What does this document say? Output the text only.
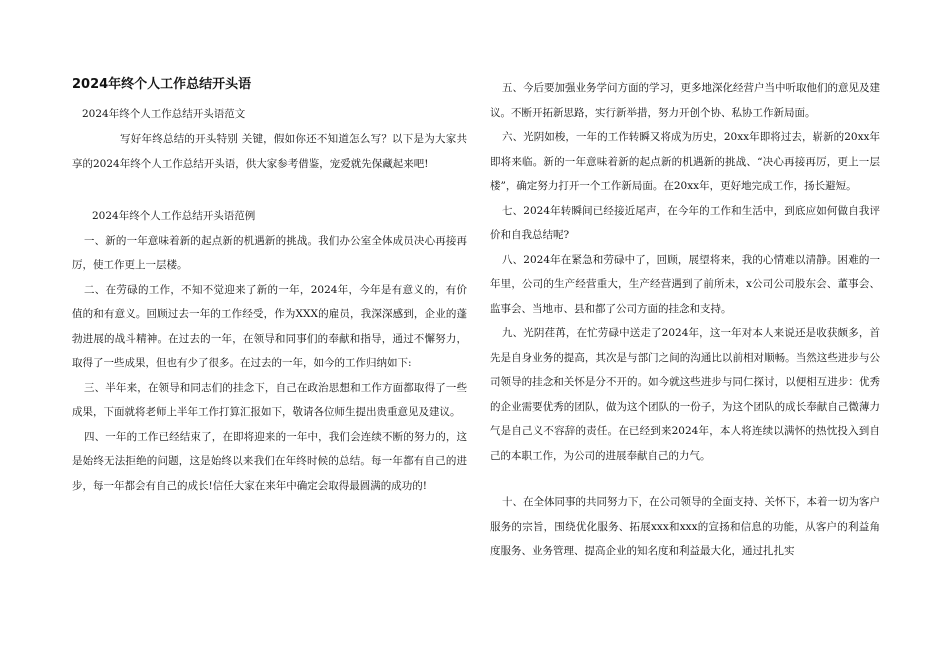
2024年终个人工作总结开头语

2024年终个人工作总结开头语范文

写好年终总结的开头特别 关键，假如你还不知道怎么写？以下是为大家共享的2024年终个人工作总结开头语，供大家参考借鉴，宠爱就先保藏起来吧!

2024年终个人工作总结开头语范例

一、新的一年意味着新的起点新的机遇新的挑战。我们办公室全体成员决心再接再厉，使工作更上一层楼。

二、在劳碌的工作，不知不觉迎来了新的一年，2024年，今年是有意义的，有价值的和有意义。回顾过去一年的工作经受，作为XXX的雇员，我深深感到，企业的蓬勃进展的战斗精神。在过去的一年，在领导和同事们的奉献和指导，通过不懈努力，取得了一些成果，但也有少了很多。在过去的一年，如今的工作归纳如下:

三、半年来，在领导和同志们的挂念下，自己在政治思想和工作方面都取得了一些成果，下面就将老师上半年工作打算汇报如下，敬请各位师生提出贵重意见及建议。

四、一年的工作已经结束了，在即将迎来的一年中，我们会连续不断的努力的，这是始终无法拒绝的问题，这是始终以来我们在年终时候的总结。每一年都有自己的进步，每一年都会有自己的成长!信任大家在来年中确定会取得最圆满的成功的!

五、今后要加强业务学问方面的学习，更多地深化经营户当中听取他们的意见及建议。不断开拓新思路，实行新举措，努力开创个协、私协工作新局面。

六、光阴如梭，一年的工作转瞬又将成为历史，20xx年即将过去，崭新的20xx年即将来临。新的一年意味着新的起点新的机遇新的挑战、“决心再接再厉，更上一层楼”，确定努力打开一个工作新局面。在20xx年，更好地完成工作，扬长避短。

七、2024年转瞬间已经接近尾声，在今年的工作和生活中，到底应如何做自我评价和自我总结呢?

八、2024年在紧急和劳碌中了，回顾，展望将来，我的心情难以清静。困难的一年里，公司的生产经营重大，生产经营遇到了前所未，x公司公司股东会、董事会、监事会、当地市、县和都了公司方面的挂念和支持。

九、光阴荏苒，在忙劳碌中送走了2024年，这一年对本人来说还是收获颇多，首先是自身业务的提高，其次是与部门之间的沟通比以前相对顺畅。当然这些进步与公司领导的挂念和关怀是分不开的。如今就这些进步与同仁探讨，以便相互进步：优秀的企业需要优秀的团队，做为这个团队的一份子，为这个团队的成长奉献自己微薄力气是自己义不容辞的责任。在已经到来2024年，本人将连续以满怀的热忱投入到自己的本职工作，为公司的进展奉献自己的力气。

十、在全体同事的共同努力下，在公司领导的全面支持、关怀下，本着一切为客户服务的宗旨，围绕优化服务、拓展xxx和xxx的宣扬和信息的功能，从客户的利益角度服务、业务管理、提高企业的知名度和利益最大化，通过扎扎实
